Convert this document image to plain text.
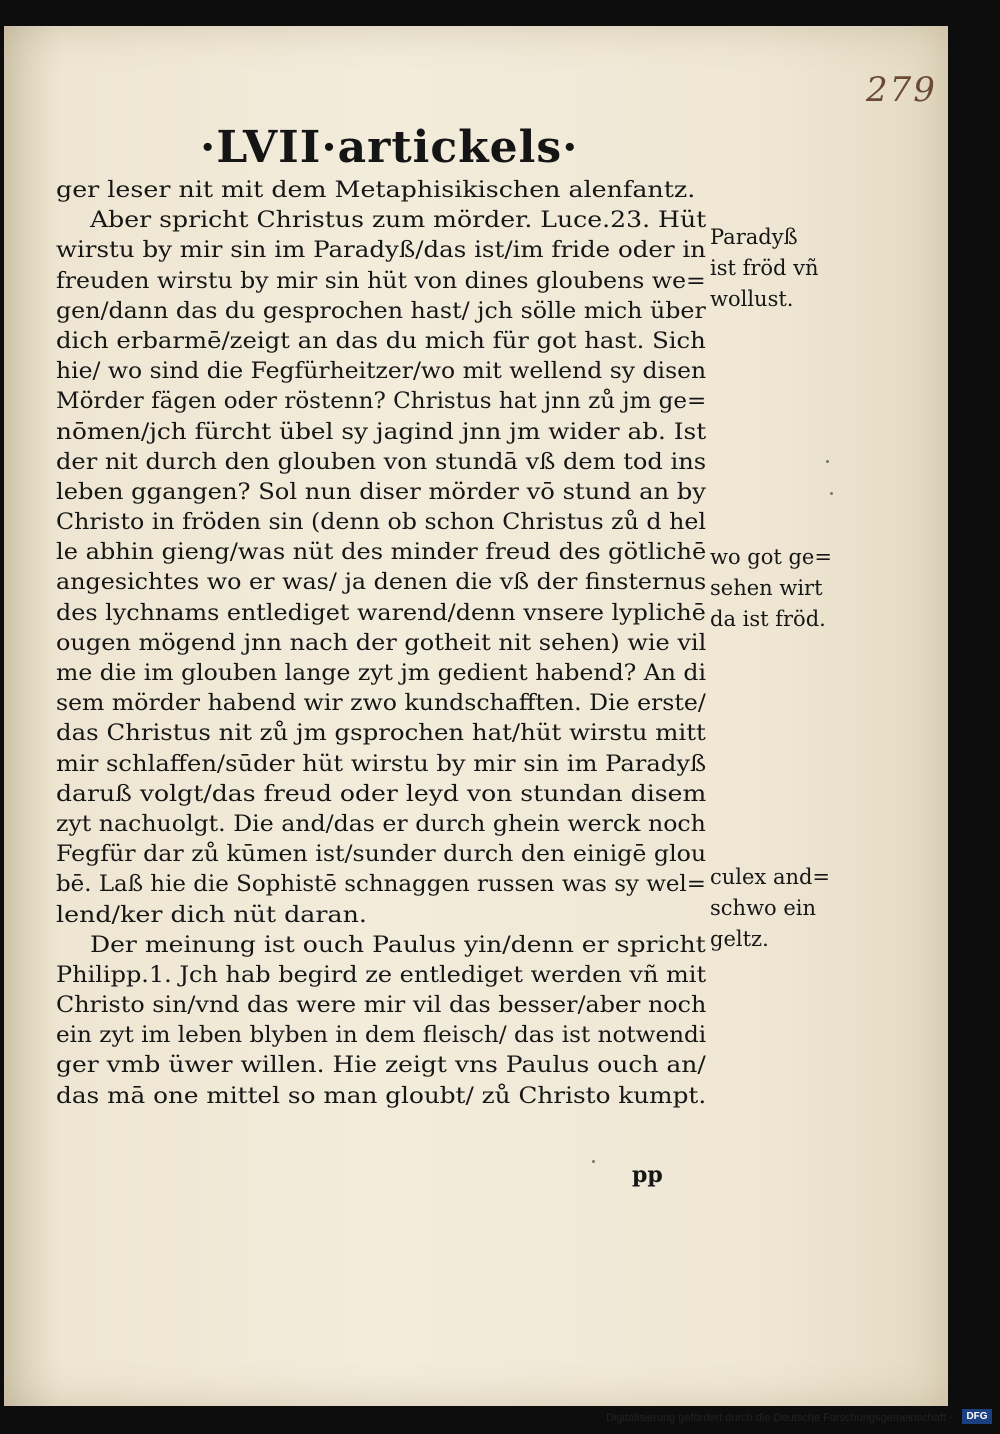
279
·LVII·artickels·
ger leser nit mit dem Metaphisikischen alenfantz.
Aber spricht Christus zum mörder. Luce.23. Hüt
wirstu by mir sin im Paradyß/das ist/im fride oder in
freuden wirstu by mir sin hüt von dines gloubens we=
gen/dann das du gesprochen hast/ jch sölle mich über
dich erbarmē/zeigt an das du mich für got hast. Sich
hie/ wo sind die Fegfürheitzer/wo mit wellend sy disen
Mörder fägen oder röstenn? Christus hat jnn zů jm ge=
nōmen/jch fürcht übel sy jagind jnn jm wider ab. Ist
der nit durch den glouben von stundā vß dem tod ins
leben ggangen? Sol nun diser mörder vō stund an by
Christo in fröden sin (denn ob schon Christus zů d hel
le abhin gieng/was nüt des minder freud des götlichē
angesichtes wo er was/ ja denen die vß der finsternus
des lychnams entlediget warend/denn vnsere lyplichē
ougen mögend jnn nach der gotheit nit sehen) wie vil
me die im glouben lange zyt jm gedient habend? An di
sem mörder habend wir zwo kundschafften. Die erste/
das Christus nit zů jm gsprochen hat/hüt wirstu mitt
mir schlaffen/sūder hüt wirstu by mir sin im Paradyß
daruß volgt/das freud oder leyd von stundan disem
zyt nachuolgt. Die and/das er durch ghein werck noch
Fegfür dar zů kūmen ist/sunder durch den einigē glou
bē. Laß hie die Sophistē schnaggen russen was sy wel=
lend/ker dich nüt daran.
Der meinung ist ouch Paulus yin/denn er spricht
Philipp.1. Jch hab begird ze entlediget werden vñ mit
Christo sin/vnd das were mir vil das besser/aber noch
ein zyt im leben blyben in dem fleisch/ das ist notwendi
ger vmb üwer willen. Hie zeigt vns Paulus ouch an/
das mā one mittel so man gloubt/ zů Christo kumpt.
Paradyß
ist fröd vñ
wollust.
wo got ge=
sehen wirt
da ist fröd.
culex and=
schwo ein
geltz.
pp
Digitalisierung gefördert durch die Deutsche Forschungsgemeinschaft ·	DFG
